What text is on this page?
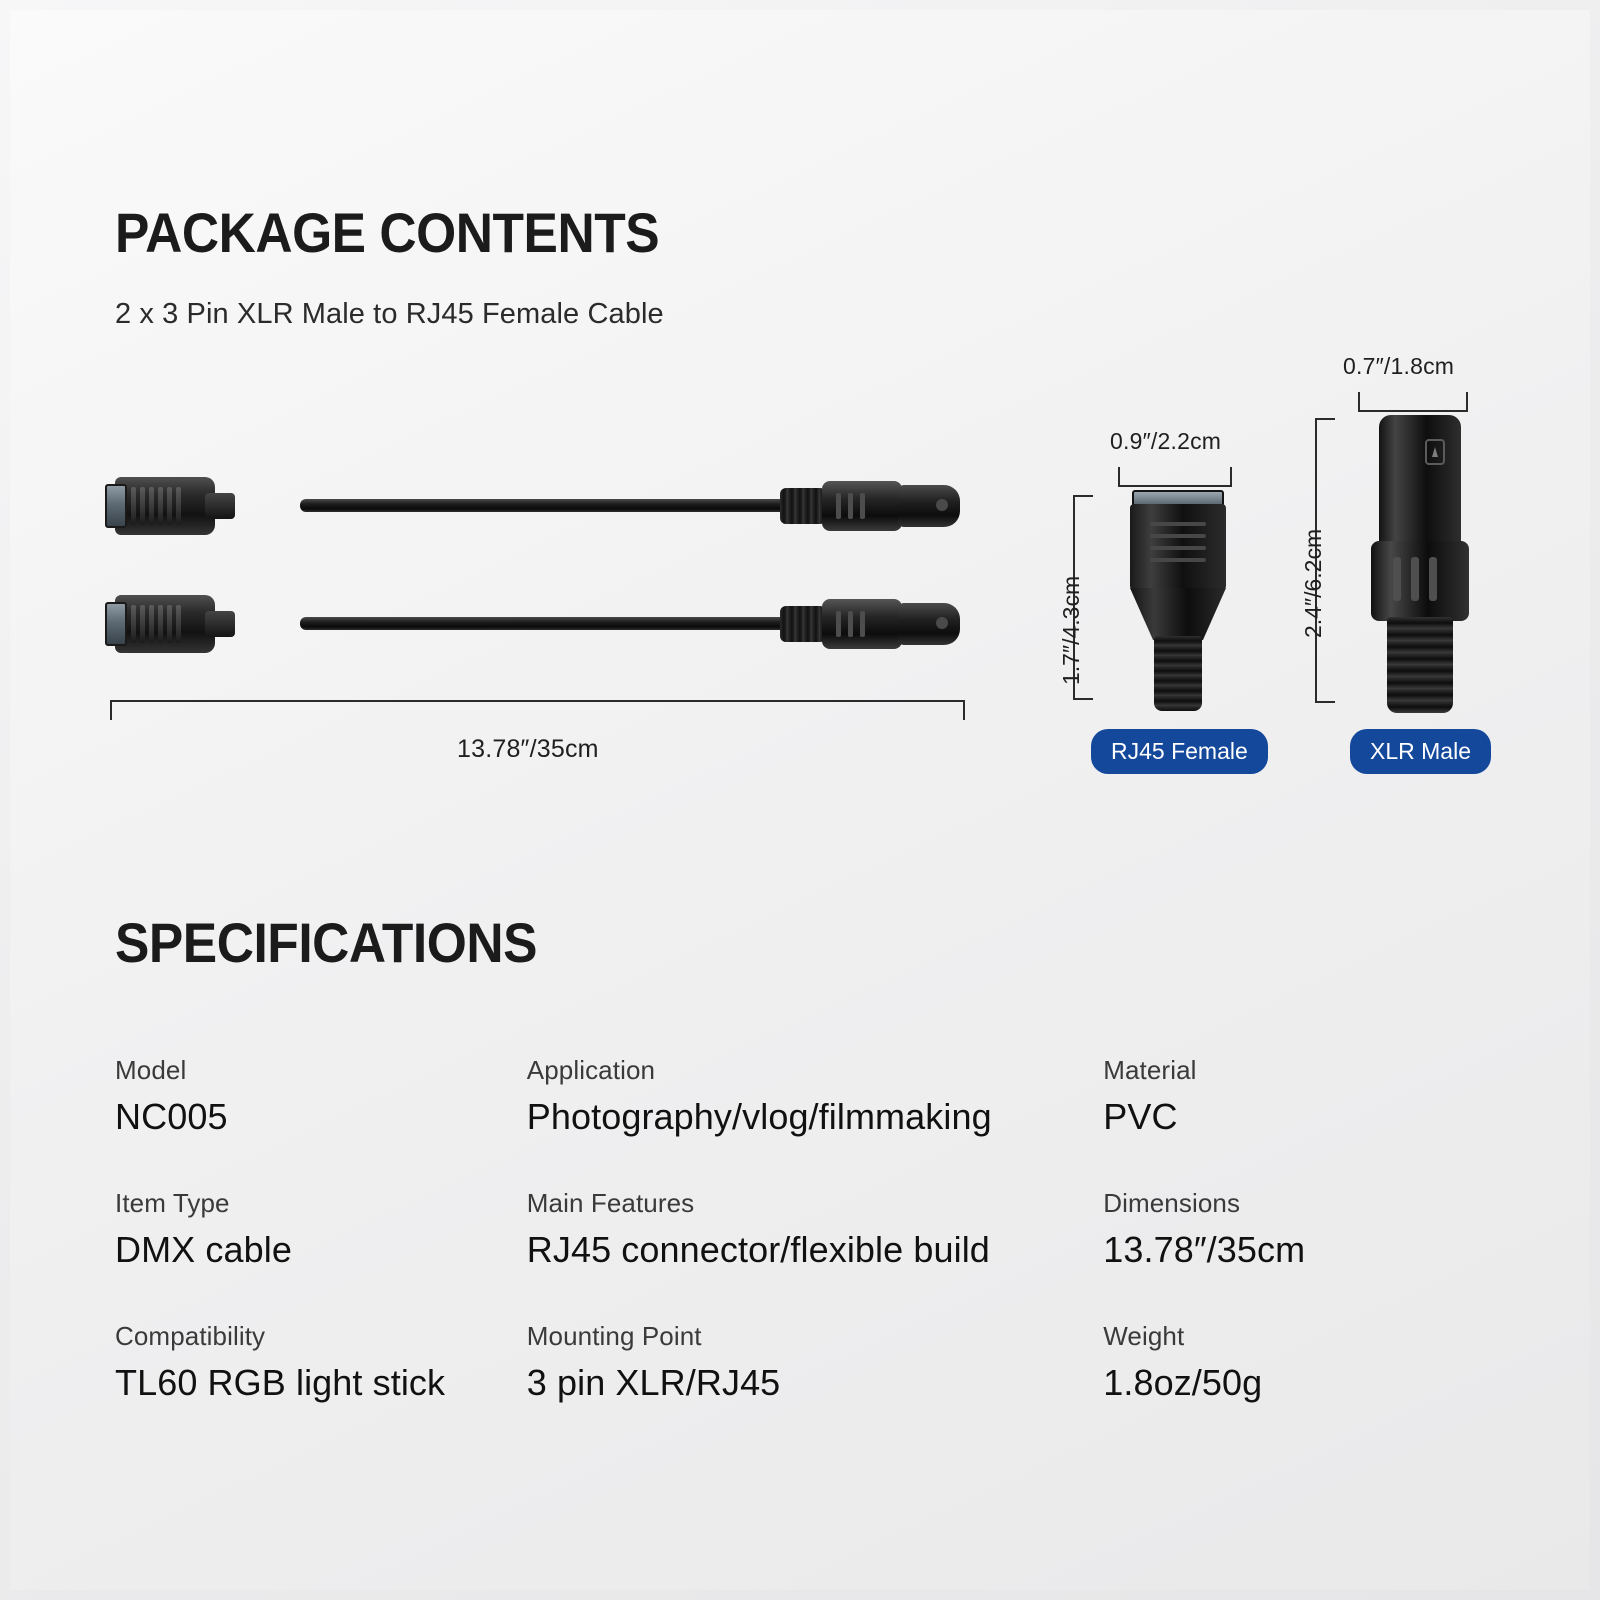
PACKAGE CONTENTS
2 x 3 Pin XLR Male to RJ45 Female Cable
13.78″/35cm
0.9″/2.2cm
1.7″/4.3cm
RJ45 Female
0.7″/1.8cm
2.4″/6.2cm
XLR Male
SPECIFICATIONS
Model
NC005
Application
Photography/vlog/filmmaking
Material
PVC
Item Type
DMX cable
Main Features
RJ45 connector/flexible build
Dimensions
13.78″/35cm
Compatibility
TL60 RGB light stick
Mounting Point
3 pin XLR/RJ45
Weight
1.8oz/50g
